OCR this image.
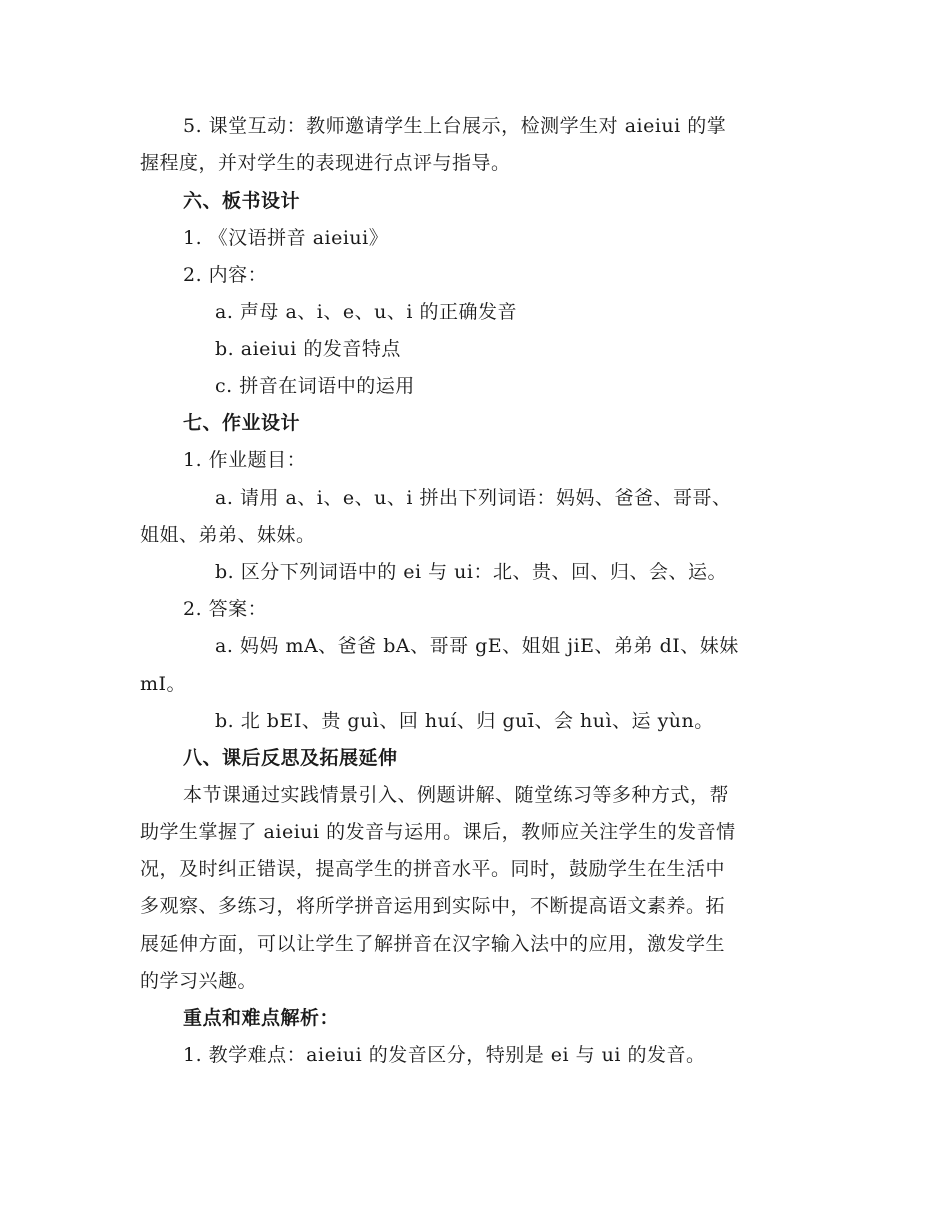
5. 课堂互动：教师邀请学生上台展示，检测学生对 aieiui 的掌
握程度，并对学生的表现进行点评与指导。
六、板书设计
1. 《汉语拼音 aieiui》
2. 内容：
a. 声母 a、i、e、u、i 的正确发音
b. aieiui 的发音特点
c. 拼音在词语中的运用
七、作业设计
1. 作业题目：
a. 请用 a、i、e、u、i 拼出下列词语：妈妈、爸爸、哥哥、
姐姐、弟弟、妹妹。
b. 区分下列词语中的 ei 与 ui：北、贵、回、归、会、运。
2. 答案：
a. 妈妈 mA、爸爸 bA、哥哥 gE、姐姐 jiE、弟弟 dI、妹妹
mI。
b. 北 bEI、贵 guì、回 huí、归 guī、会 huì、运 yùn。
八、课后反思及拓展延伸
本节课通过实践情景引入、例题讲解、随堂练习等多种方式，帮
助学生掌握了 aieiui 的发音与运用。课后，教师应关注学生的发音情
况，及时纠正错误，提高学生的拼音水平。同时，鼓励学生在生活中
多观察、多练习，将所学拼音运用到实际中，不断提高语文素养。拓
展延伸方面，可以让学生了解拼音在汉字输入法中的应用，激发学生
的学习兴趣。
重点和难点解析：
1. 教学难点：aieiui 的发音区分，特别是 ei 与 ui 的发音。
